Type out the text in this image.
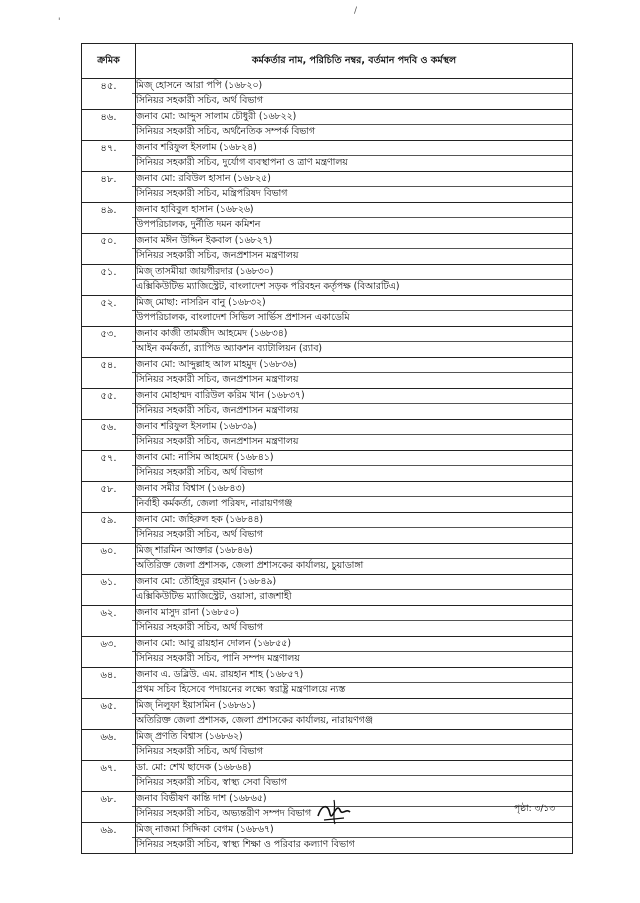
/
'
ক্রমিক	কর্মকর্তার নাম, পরিচিতি নম্বর, বর্তমান পদবি ও কর্মস্থল
৪৫.	মিজ্‌ হোসনে আরা পপি (১৬৮২০)
সিনিয়র সহকারী সচিব, অর্থ বিভাগ

৪৬.	জনাব মো: আব্দুস সালাম চৌধুরী (১৬৮২২)
সিনিয়র সহকারী সচিব, অর্থনৈতিক সম্পর্ক বিভাগ

৪৭.	জনাব শরিফুল ইসলাম (১৬৮২৪)
সিনিয়র সহকারী সচিব, দুর্যোগ ব্যবস্থাপনা ও ত্রাণ মন্ত্রণালয়

৪৮.	জনাব মো: রবিউল হাসান (১৬৮২৫)
সিনিয়র সহকারী সচিব, মন্ত্রিপরিষদ বিভাগ

৪৯.	জনাব হাবিবুল হাসান (১৬৮২৬)
উপপরিচালক, দুর্নীতি দমন কমিশন

৫০.	জনাব মঈন উদ্দিন ইকবাল (১৬৮২৭)
সিনিয়র সহকারী সচিব, জনপ্রশাসন মন্ত্রণালয়

৫১.	মিজ্‌ তাসমীয়া জায়গীরদার (১৬৮৩০)
এক্সিকিউটিভ ম্যাজিস্ট্রেট, বাংলাদেশ সড়ক পরিবহন কর্তৃপক্ষ (বিআরটিএ)

৫২.	মিজ্‌ মোছা: নাসরিন বানু (১৬৮৩২)
উপপরিচালক, বাংলাদেশ সিভিল সার্ভিস প্রশাসন একাডেমি

৫৩.	জনাব কাজী তামজীদ আহমেদ (১৬৮৩৪)
আইন কর্মকর্তা, র‍্যাপিড অ্যাকশন ব্যাটালিয়ন (র‍্যাব)

৫৪.	জনাব মো: আব্দুল্লাহ আল মাহমুদ (১৬৮৩৬)
সিনিয়র সহকারী সচিব, জনপ্রশাসন মন্ত্রণালয়

৫৫.	জনাব মোহাম্মদ বারিউল করিম খান (১৬৮৩৭)
সিনিয়র সহকারী সচিব, জনপ্রশাসন মন্ত্রণালয়

৫৬.	জনাব শরিফুল ইসলাম (১৬৮৩৯)
সিনিয়র সহকারী সচিব, জনপ্রশাসন মন্ত্রণালয়

৫৭.	জনাব মো: নাসিম আহমেদ (১৬৮৪১)
সিনিয়র সহকারী সচিব, অর্থ বিভাগ

৫৮.	জনাব সমীর বিশ্বাস (১৬৮৪৩)
নির্বাহী কর্মকর্তা, জেলা পরিষদ, নারায়ণগঞ্জ

৫৯.	জনাব মো: জহিরুল হক (১৬৮৪৪)
সিনিয়র সহকারী সচিব, অর্থ বিভাগ

৬০.	মিজ্‌ শারমিন আক্তার (১৬৮৪৬)
অতিরিক্ত জেলা প্রশাসক, জেলা প্রশাসকের কার্যালয়, চুয়াডাঙ্গা

৬১.	জনাব মো: তৌহিদুর রহমান (১৬৮৪৯)
এক্সিকিউটিভ ম্যাজিস্ট্রেট, ওয়াসা, রাজশাহী

৬২.	জনাব মাসুদ রানা (১৬৮৫০)
সিনিয়র সহকারী সচিব, অর্থ বিভাগ

৬৩.	জনাব মো: আবু রায়হান দোলন (১৬৮৫৫)
সিনিয়র সহকারী সচিব, পানি সম্পদ মন্ত্রণালয়

৬৪.	জনাব এ. ডব্লিউ. এম. রায়হান শাহ (১৬৮৫৭)
প্রথম সচিব হিসেবে পদায়নের লক্ষ্যে স্বরাষ্ট্র মন্ত্রণালয়ে ন্যস্ত

৬৫.	মিজ্‌ নিলুফা ইয়াসমিন (১৬৮৬১)
অতিরিক্ত জেলা প্রশাসক, জেলা প্রশাসকের কার্যালয়, নারায়ণগঞ্জ

৬৬.	মিজ্‌ প্রণতি বিশ্বাস (১৬৮৬২)
সিনিয়র সহকারী সচিব, অর্থ বিভাগ

৬৭.	ডা. মো: শেখ ছাদেক (১৬৮৬৪)
সিনিয়র সহকারী সচিব, স্বাস্থ্য সেবা বিভাগ

৬৮.	জনাব বিভীষণ কান্তি দাশ (১৬৮৬৫)
সিনিয়র সহকারী সচিব, অভ্যন্তরীণ সম্পদ বিভাগ

৬৯.	মিজ্‌ নাজমা সিদ্দিকা বেগম (১৬৮৬৭)
সিনিয়র সহকারী সচিব, স্বাস্থ্য শিক্ষা ও পরিবার কল্যাণ বিভাগ
পৃষ্ঠা: ৩/১৩
